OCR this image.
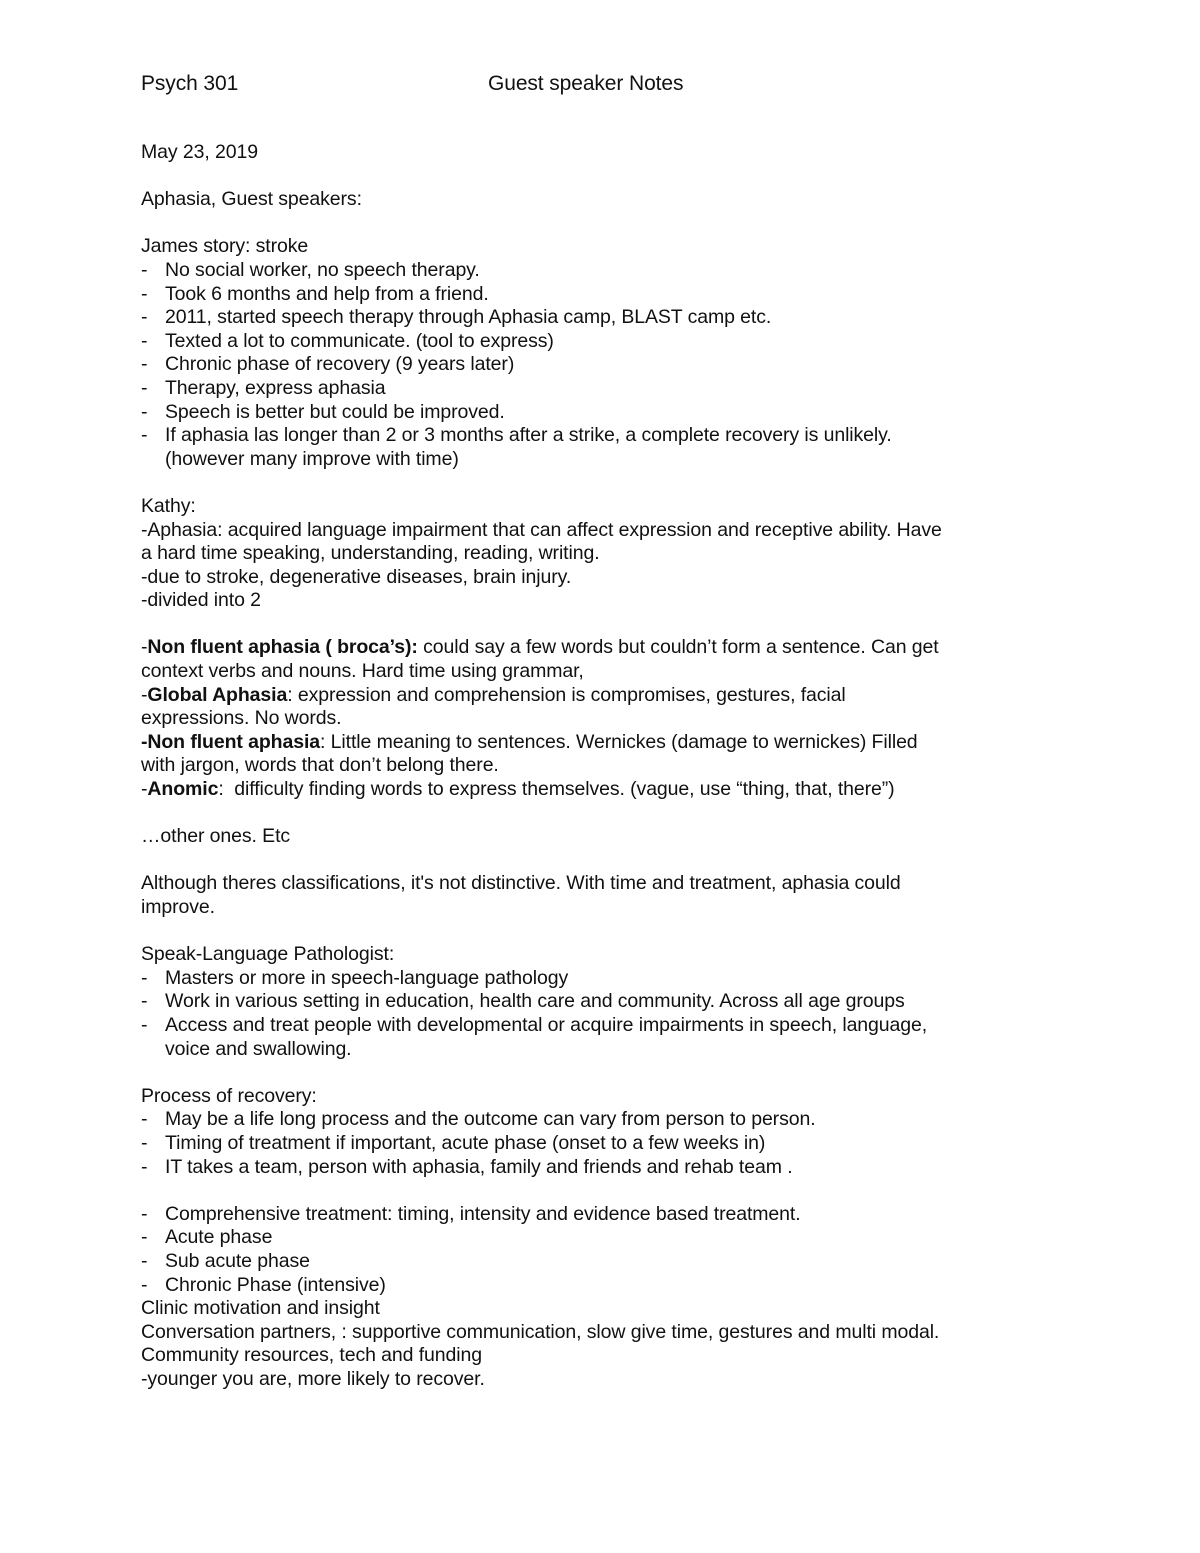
Psych 301	Guest speaker Notes
May 23, 2019
Aphasia, Guest speakers:
James story: stroke
- No social worker, no speech therapy.
- Took 6 months and help from a friend.
- 2011, started speech therapy through Aphasia camp, BLAST camp etc.
- Texted a lot to communicate. (tool to express)
- Chronic phase of recovery (9 years later)
- Therapy, express aphasia
- Speech is better but could be improved.
- If aphasia las longer than 2 or 3 months after a strike, a complete recovery is unlikely.
(however many improve with time)
Kathy:
-Aphasia: acquired language impairment that can affect expression and receptive ability. Have
a hard time speaking, understanding, reading, writing.
-due to stroke, degenerative diseases, brain injury.
-divided into 2
-Non fluent aphasia ( broca’s): could say a few words but couldn’t form a sentence. Can get
context verbs and nouns. Hard time using grammar,
-Global Aphasia: expression and comprehension is compromises, gestures, facial
expressions. No words.
-Non fluent aphasia: Little meaning to sentences. Wernickes (damage to wernickes) Filled
with jargon, words that don’t belong there.
-Anomic:  difficulty finding words to express themselves. (vague, use “thing, that, there”)
…other ones. Etc
Although theres classifications, it's not distinctive. With time and treatment, aphasia could
improve.
Speak-Language Pathologist:
- Masters or more in speech-language pathology
- Work in various setting in education, health care and community. Across all age groups
- Access and treat people with developmental or acquire impairments in speech, language,
voice and swallowing.
Process of recovery:
- May be a life long process and the outcome can vary from person to person.
- Timing of treatment if important, acute phase (onset to a few weeks in)
- IT takes a team, person with aphasia, family and friends and rehab team .
- Comprehensive treatment: timing, intensity and evidence based treatment.
- Acute phase
- Sub acute phase
- Chronic Phase (intensive)
Clinic motivation and insight
Conversation partners, : supportive communication, slow give time, gestures and multi modal.
Community resources, tech and funding
-younger you are, more likely to recover.
